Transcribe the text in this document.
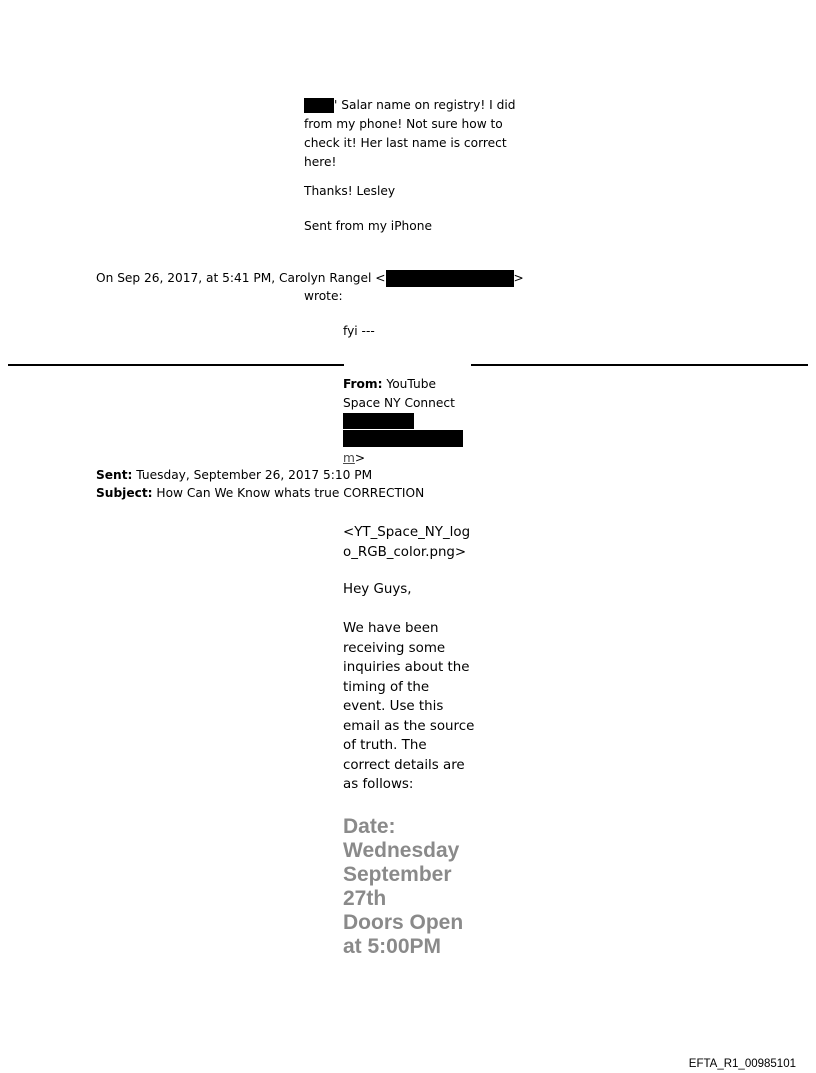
' Salar name on registry! I did

from my phone! Not sure how to

check it! Her last name is correct

here!

Thanks! Lesley
Sent from my iPhone
On Sep 26, 2017, at 5:41 PM, Carolyn Rangel <	>
wrote:
fyi ---

From: YouTube

Space NY Connect

m>
Sent: Tuesday, September 26, 2017 5:10 PM
Subject: How Can We Know whats true CORRECTION

<YT_Space_NY_log

o_RGB_color.png>

Hey Guys,

We have been

receiving some

inquiries about the

timing of the

event. Use this

email as the source

of truth. The

correct details are

as follows:

Date:

Wednesday

September

27th

Doors Open

at 5:00PM

EFTA_R1_00985101
